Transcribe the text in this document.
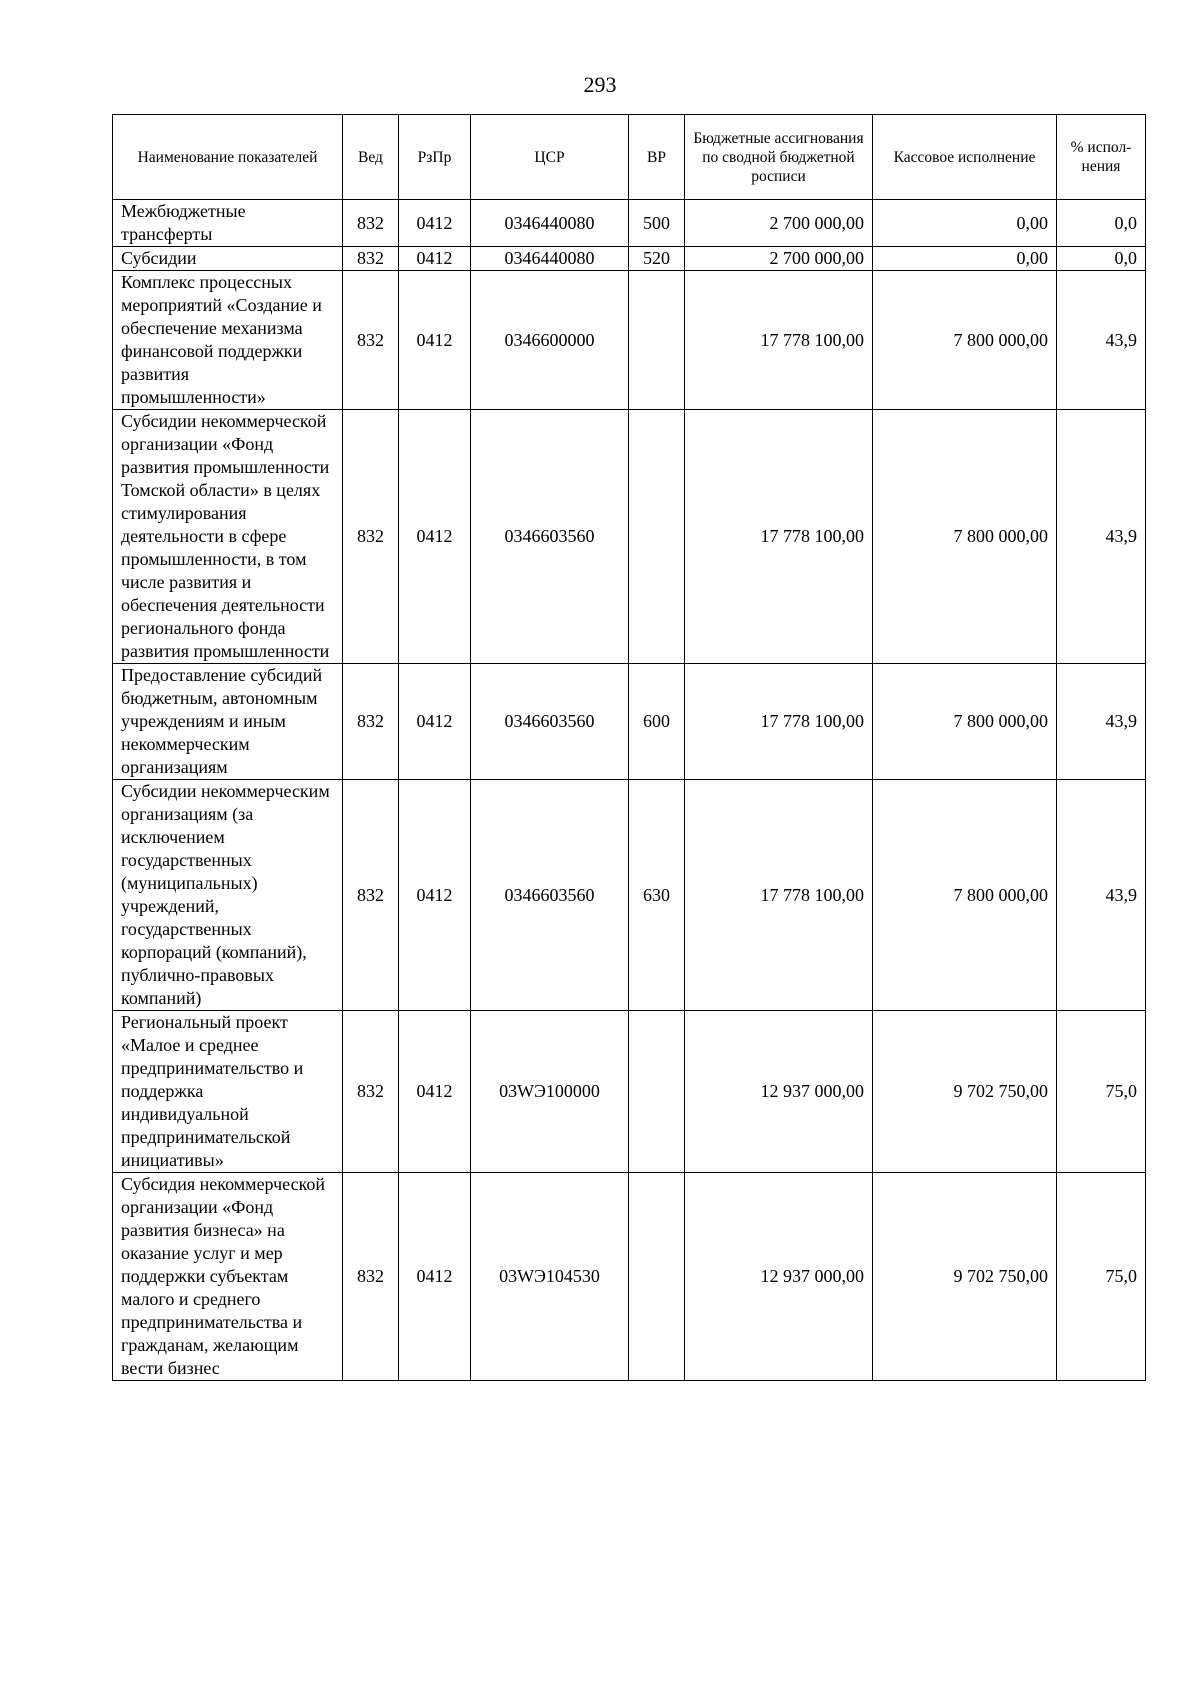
293
Наименование показателей	Вед	РзПр	ЦСР	ВР	Бюджетные ассигнования по сводной бюджетной росписи	Кассовое исполнение	% испол-нения
Межбюджетные трансферты	832	0412	0346440080	500	2 700 000,00	0,00	0,0
Субсидии	832	0412	0346440080	520	2 700 000,00	0,00	0,0
Комплекс процессных мероприятий «Создание и обеспечение механизма финансовой поддержки развития промышленности»	832	0412	0346600000		17 778 100,00	7 800 000,00	43,9
Субсидии некоммерческой организации «Фонд развития промышленности Томской области» в целях стимулирования деятельности в сфере промышленности, в том числе развития и обеспечения деятельности регионального фонда развития промышленности	832	0412	0346603560		17 778 100,00	7 800 000,00	43,9
Предоставление субсидий бюджетным, автономным учреждениям и иным некоммерческим организациям	832	0412	0346603560	600	17 778 100,00	7 800 000,00	43,9
Субсидии некоммерческим организациям (за исключением государственных (муниципальных) учреждений, государственных корпораций (компаний), публично-правовых компаний)	832	0412	0346603560	630	17 778 100,00	7 800 000,00	43,9
Региональный проект «Малое и среднее предпринимательство и поддержка индивидуальной предпринимательской инициативы»	832	0412	03WЭ100000		12 937 000,00	9 702 750,00	75,0
Субсидия некоммерческой организации «Фонд развития бизнеса» на оказание услуг и мер поддержки субъектам малого и среднего предпринимательства и гражданам, желающим вести бизнес	832	0412	03WЭ104530		12 937 000,00	9 702 750,00	75,0
